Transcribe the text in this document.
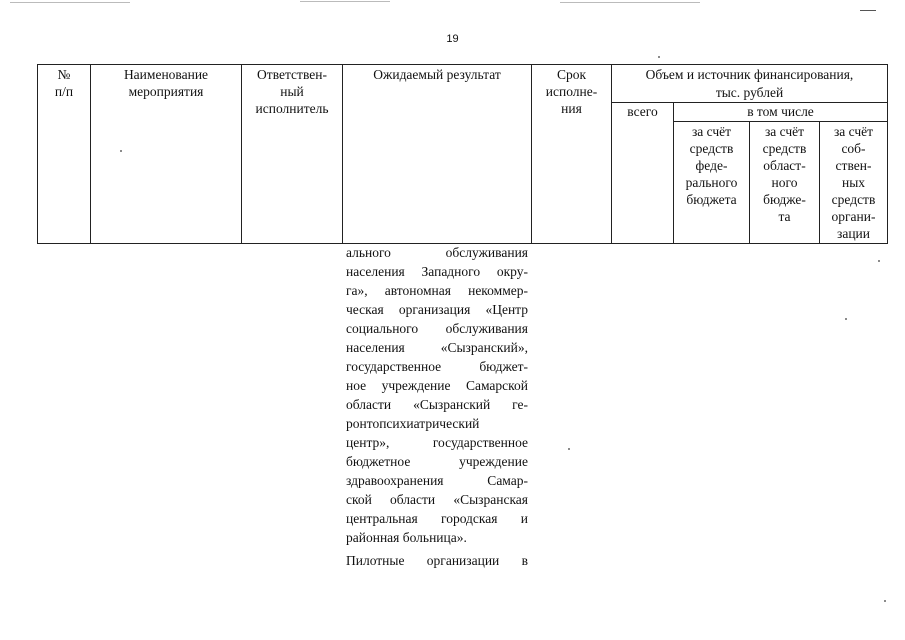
19
№
п/п
Наименование
мероприятия
Ответствен-
ный
исполнитель
Ожидаемый результат	Срок
исполне-
ния
Объем и источник финансирования,
тыс. рублей
всего	в том числе
за счёт
средств
феде-
рального
бюджета
за счёт
средств
област-
ного
бюдже-
та
за счёт
соб-
ствен-
ных
средств
органи-
зации
ального обслуживания
населения Западного окру-
га», автономная некоммер-
ческая организация «Центр
социального обслуживания
населения «Сызранский»,
государственное бюджет-
ное учреждение Самарской
области «Сызранский ге-
ронтопсихиатрический
центр», государственное
бюджетное учреждение
здравоохранения Самар-
ской области «Сызранская
центральная городская и
районная больница».
Пилотные организации в
